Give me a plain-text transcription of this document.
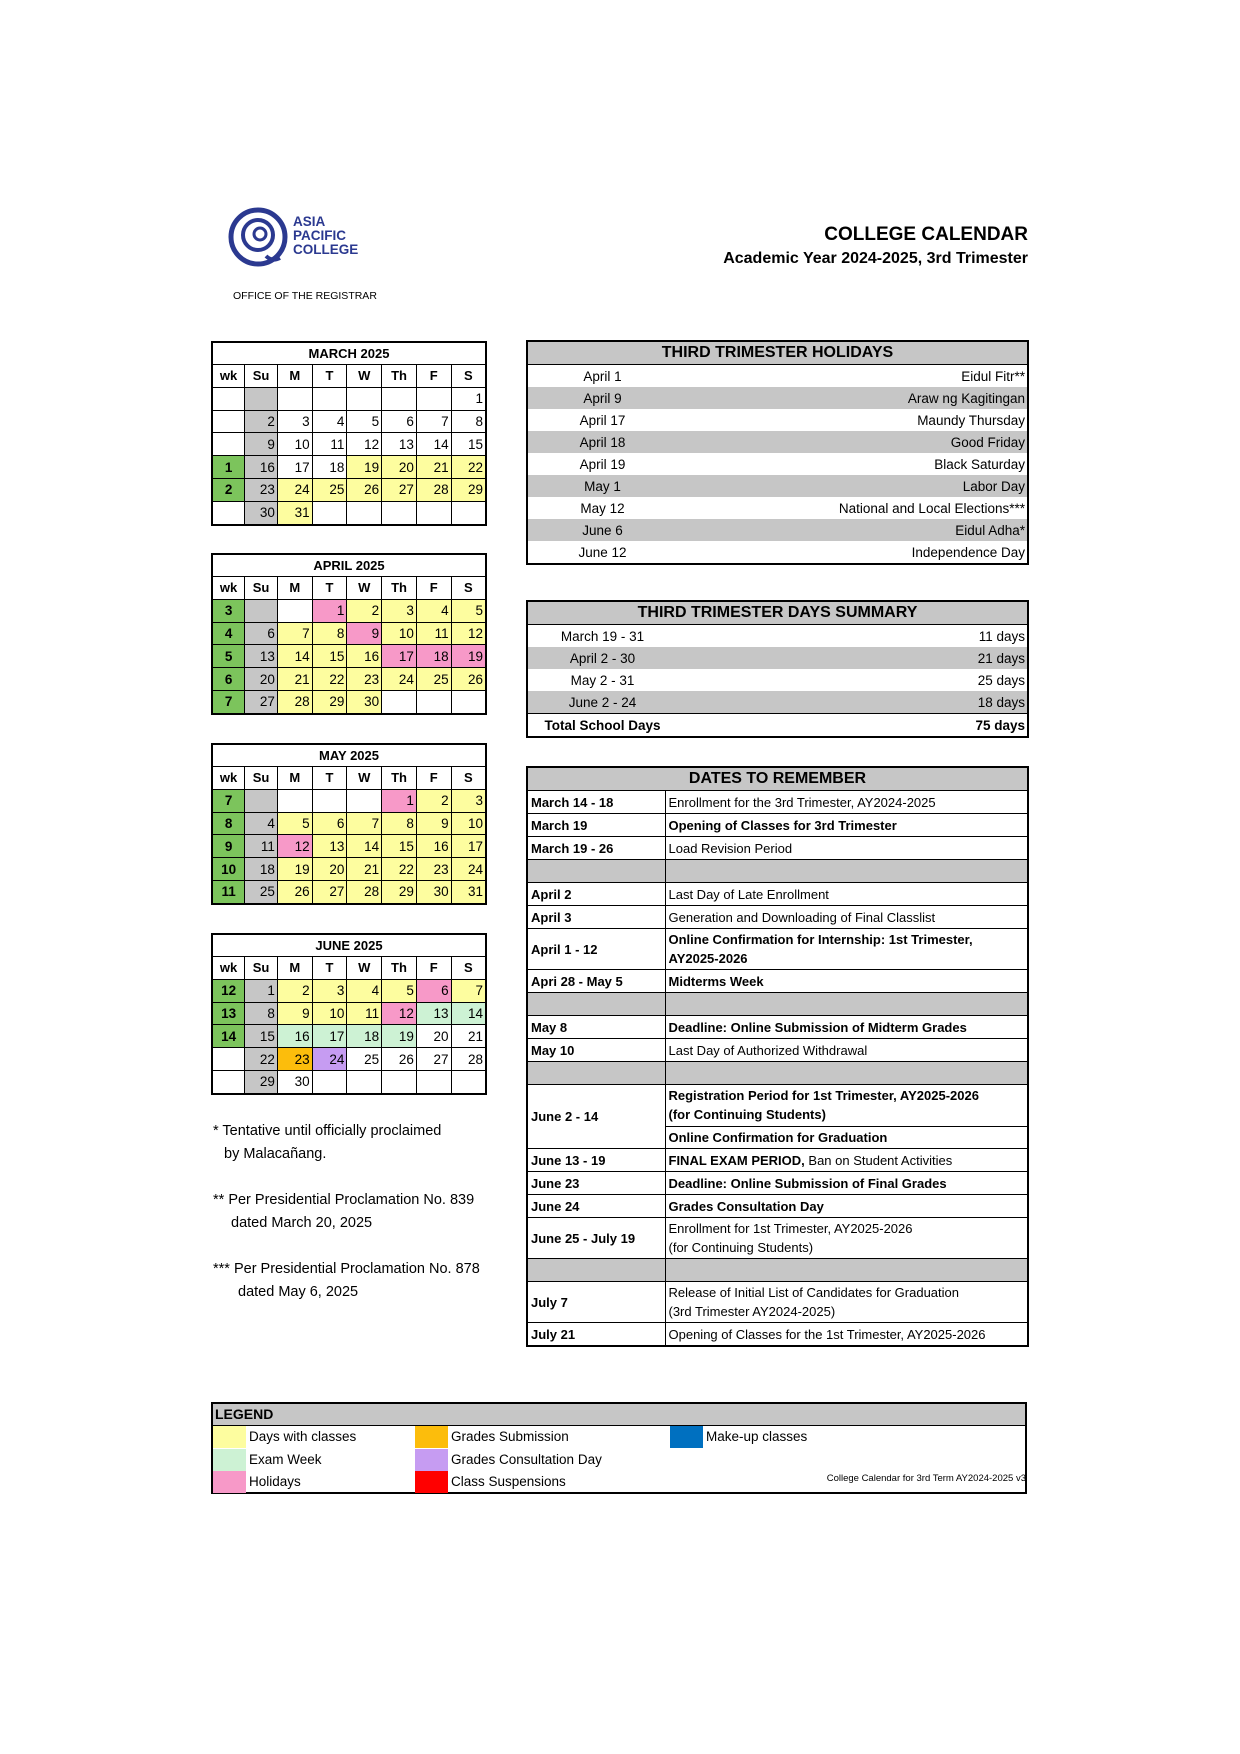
ASIA
PACIFIC
COLLEGE
OFFICE OF THE REGISTRAR
COLLEGE CALENDAR
Academic Year 2024-2025, 3rd Trimester
MARCH 2025							
wk	Su	M	T	W	Th	F	S
							1
	2	3	4	5	6	7	8
	9	10	11	12	13	14	15
1	16	17	18	19	20	21	22
2	23	24	25	26	27	28	29
	30	31					
APRIL 2025							
wk	Su	M	T	W	Th	F	S
3			1	2	3	4	5
4	6	7	8	9	10	11	12
5	13	14	15	16	17	18	19
6	20	21	22	23	24	25	26
7	27	28	29	30			
MAY 2025							
wk	Su	M	T	W	Th	F	S
7					1	2	3
8	4	5	6	7	8	9	10
9	11	12	13	14	15	16	17
10	18	19	20	21	22	23	24
11	25	26	27	28	29	30	31
JUNE 2025							
wk	Su	M	T	W	Th	F	S
12	1	2	3	4	5	6	7
13	8	9	10	11	12	13	14
14	15	16	17	18	19	20	21
	22	23	24	25	26	27	28
	29	30					
THIRD TRIMESTER HOLIDAYS	
April 1	Eidul Fitr**
April 9	Araw ng Kagitingan
April 17	Maundy Thursday
April 18	Good Friday
April 19	Black Saturday
May 1	Labor Day
May 12	National and Local Elections***
June 6	Eidul Adha*
June 12	Independence Day
THIRD TRIMESTER DAYS SUMMARY	
March 19 - 31	11 days
April 2 - 30	21 days
May 2 - 31	25 days
June 2 - 24	18 days
Total School Days	75 days
DATES TO REMEMBER	
March 14 - 18	Enrollment for the 3rd Trimester, AY2024-2025

March 19	Opening of Classes for 3rd Trimester

March 19 - 26	Load Revision Period

April 2	Last Day of Late Enrollment

April 3	Generation and Downloading of Final Classlist

April 1 - 12	Online Confirmation for Internship: 1st Trimester, AY2025-2026

Apri 28 - May 5	Midterms Week

May 8	Deadline: Online Submission of Midterm Grades

May 10	Last Day of Authorized Withdrawal

June 2 - 14	Registration Period for 1st Trimester, AY2025-2026
(for Continuing Students)
Online Confirmation for Graduation

June 13 - 19	FINAL EXAM PERIOD, Ban on Student Activities

June 23	Deadline: Online Submission of Final Grades

June 24	Grades Consultation Day

June 25 - July 19	Enrollment for 1st Trimester, AY2025-2026
(for Continuing Students)

July 7	Release of Initial List of Candidates for Graduation
(3rd Trimester AY2024-2025)

July 21	Opening of Classes for the 1st Trimester, AY2025-2026
* Tentative until officially proclaimed
by Malacañang.
** Per Presidential Proclamation No. 839
dated March 20, 2025
*** Per Presidential Proclamation No. 878
dated May 6, 2025
LEGEND
Days with classes
Exam Week
Holidays
Grades Submission
Grades Consultation Day
Class Suspensions
Make-up classes
College Calendar for 3rd Term AY2024-2025 v3
